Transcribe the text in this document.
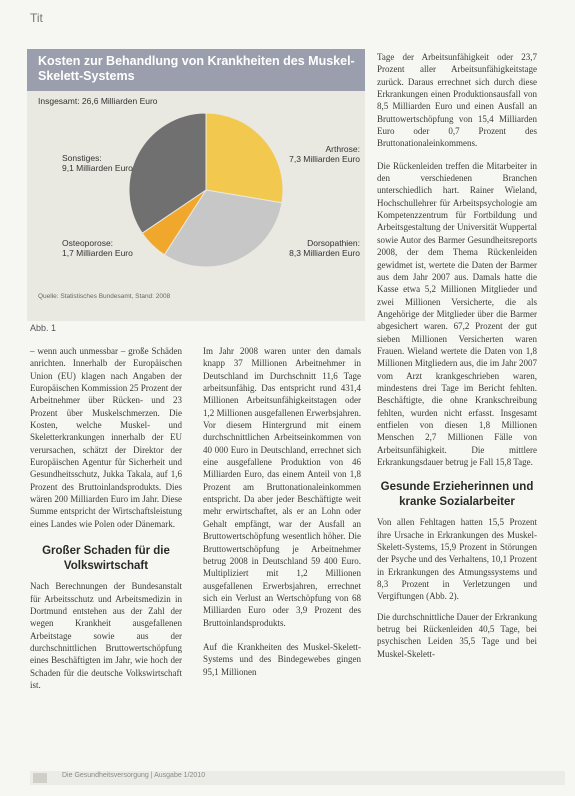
Tit
Kosten zur Behandlung von Krankheiten des Muskel-Skelett-Systems
Insgesamt: 26,6 Milliarden Euro
Sonstiges:
9,1 Milliarden Euro
Arthrose:
7,3 Milliarden Euro
Osteoporose:
1,7 Milliarden Euro
Dorsopathien:
8,3 Milliarden Euro
Quelle: Statistisches Bundesamt, Stand: 2008
Abb. 1

– wenn auch unmessbar – große Schäden anrichten. Innerhalb der Europäischen Union (EU) klagen nach Angaben der Europäischen Kommission 25 Prozent der Arbeitnehmer über Rücken- und 23 Prozent über Muskelschmerzen. Die Kosten, welche Muskel- und Skeletterkrankungen innerhalb der EU verursachen, schätzt der Direktor der Europäischen Agentur für Sicherheit und Gesundheitsschutz, Jukka Takala, auf 1,6 Prozent des Bruttoinlandsprodukts. Dies wären 200 Milliarden Euro im Jahr. Diese Summe entspricht der Wirtschaftsleistung eines Landes wie Polen oder Dänemark.

Großer Schaden für die Volkswirtschaft

Nach Berechnungen der Bundesanstalt für Arbeitsschutz und Arbeitsmedizin in Dortmund entstehen aus der Zahl der wegen Krankheit ausgefallenen Arbeitstage sowie aus der durchschnittlichen Bruttowertschöpfung eines Beschäftigten im Jahr, wie hoch der Schaden für die deutsche Volkswirtschaft ist.

Im Jahr 2008 waren unter den damals knapp 37 Millionen Arbeitnehmer in Deutschland im Durchschnitt 11,6 Tage arbeitsunfähig. Das entspricht rund 431,4 Millionen Arbeitsunfähigkeitstagen oder 1,2 Millionen ausgefallenen Erwerbsjahren. Vor diesem Hintergrund mit einem durchschnittlichen Arbeitseinkommen von 40 000 Euro in Deutschland, errechnet sich eine ausgefallene Produktion von 46 Milliarden Euro, das einem Anteil von 1,8 Prozent am Bruttonationaleinkommen entspricht. Da aber jeder Beschäftigte weit mehr erwirtschaftet, als er an Lohn oder Gehalt empfängt, war der Ausfall an Bruttowertschöpfung wesentlich höher. Die Bruttowertschöpfung je Arbeitnehmer betrug 2008 in Deutschland 59 400 Euro. Multipliziert mit 1,2 Millionen ausgefallenen Erwerbsjahren, errechnet sich ein Verlust an Wertschöpfung von 68 Milliarden Euro oder 3,9 Prozent des Bruttoinlandsprodukts.

Auf die Krankheiten des Muskel-Skelett-Systems und des Bindegewebes gingen 95,1 Millionen

Tage der Arbeitsunfähigkeit oder 23,7 Prozent aller Arbeitsunfähigkeitstage zurück. Daraus errechnet sich durch diese Erkrankungen einen Produktionsausfall von 8,5 Milliarden Euro und einen Ausfall an Bruttowertschöpfung von 15,4 Milliarden Euro oder 0,7 Prozent des Bruttonationaleinkommens.

Die Rückenleiden treffen die Mitarbeiter in den verschiedenen Branchen unterschiedlich hart. Rainer Wieland, Hochschullehrer für Arbeitspsychologie am Kompetenzzentrum für Fortbildung und Arbeitsgestaltung der Universität Wuppertal sowie Autor des Barmer Gesundheitsreports 2008, der dem Thema Rückenleiden gewidmet ist, wertete die Daten der Barmer aus dem Jahr 2007 aus. Damals hatte die Kasse etwa 5,2 Millionen Mitglieder und zwei Millionen Versicherte, die als Angehörige der Mitglieder über die Barmer abgesichert waren. 67,2 Prozent der gut sieben Millionen Versicherten waren Frauen. Wieland wertete die Daten von 1,8 Millionen Mitgliedern aus, die im Jahr 2007 vom Arzt krankgeschrieben waren, mindestens drei Tage im Bericht fehlten. Beschäftigte, die ohne Krankschreibung fehlten, wurden nicht erfasst. Insgesamt entfielen von diesen 1,8 Millionen Menschen 2,7 Millionen Fälle von Arbeitsunfähigkeit. Die mittlere Erkrankungsdauer betrug je Fall 15,8 Tage.

Gesunde Erzieherinnen und kranke Sozialarbeiter

Von allen Fehltagen hatten 15,5 Prozent ihre Ursache in Erkrankungen des Muskel-Skelett-Systems, 15,9 Prozent in Störungen der Psyche und des Verhaltens, 10,1 Prozent in Erkrankungen des Atmungssystems und 8,3 Prozent in Verletzungen und Vergiftungen (Abb. 2).

Die durchschnittliche Dauer der Erkrankung betrug bei Rückenleiden 40,5 Tage, bei psychischen Leiden 35,5 Tage und bei Muskel-Skelett-

Die Gesundheitsversorgung | Ausgabe 1/2010
